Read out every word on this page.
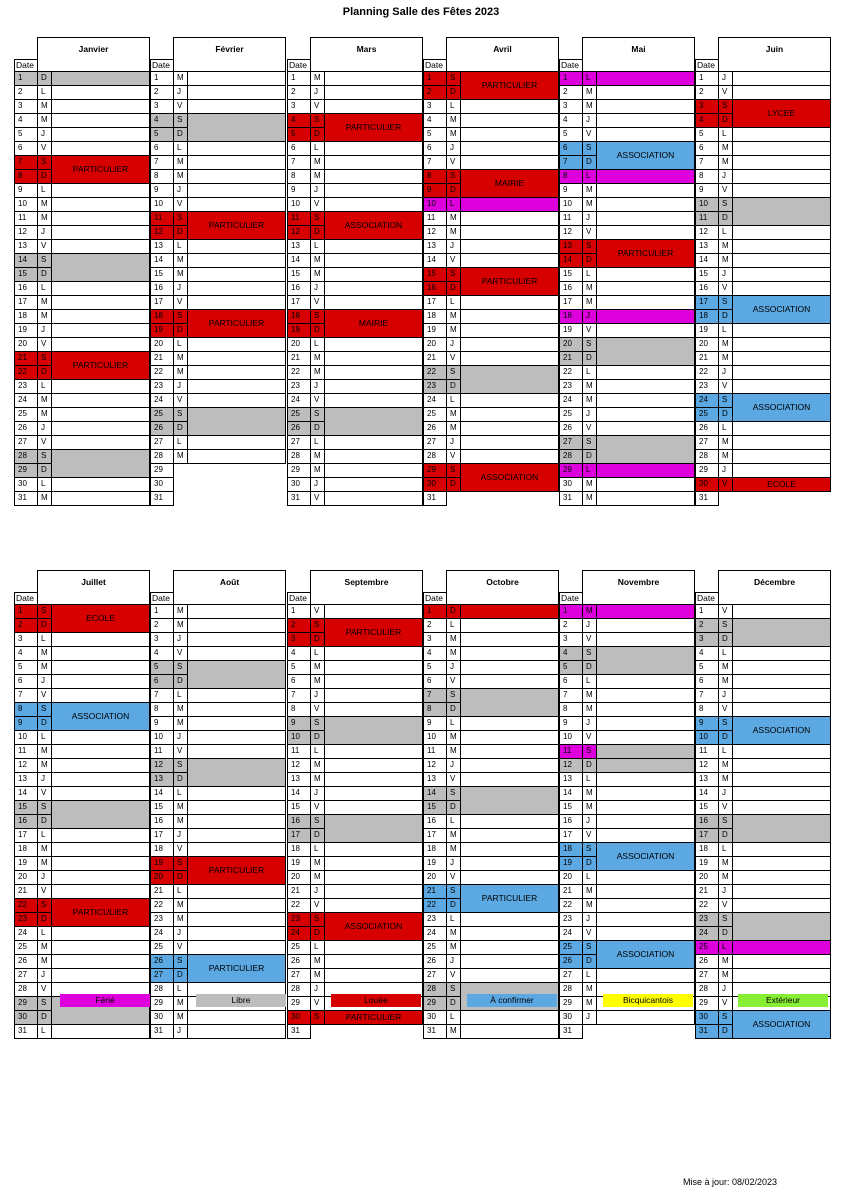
Planning Salle des Fêtes 2023
	Janvier	
Date		
1	D	
2	L	
3	M	
4	M	
5	J	
6	V	
7	S	PARTICULIER
8	D	
9	L	
10	M	
11	M	
12	J	
13	V	
14	S	
15	D	
16	L	
17	M	
18	M	
19	J	
20	V	
21	S	PARTICULIER
22	D	
23	L	
24	M	
25	M	
26	J	
27	V	
28	S	
29	D	
30	L	
31	M	
	Février	
Date		
1	M	
2	J	
3	V	
4	S	
5	D	
6	L	
7	M	
8	M	
9	J	
10	V	
11	S	PARTICULIER
12	D	
13	L	
14	M	
15	M	
16	J	
17	V	
18	S	PARTICULIER
19	D	
20	L	
21	M	
22	M	
23	J	
24	V	
25	S	
26	D	
27	L	
28	M	
29		
30		
31		
	Mars	
Date		
1	M	
2	J	
3	V	
4	S	PARTICULIER
5	D	
6	L	
7	M	
8	M	
9	J	
10	V	
11	S	ASSOCIATION
12	D	
13	L	
14	M	
15	M	
16	J	
17	V	
18	S	MAIRIE
19	D	
20	L	
21	M	
22	M	
23	J	
24	V	
25	S	
26	D	
27	L	
28	M	
29	M	
30	J	
31	V	
	Avril	
Date		
1	S	PARTICULIER
2	D	
3	L	
4	M	
5	M	
6	J	
7	V	
8	S	MAIRIE
9	D	
10	L	
11	M	
12	M	
13	J	
14	V	
15	S	PARTICULIER
16	D	
17	L	
18	M	
19	M	
20	J	
21	V	
22	S	
23	D	
24	L	
25	M	
26	M	
27	J	
28	V	
29	S	ASSOCIATION
30	D	
31		
	Mai	
Date		
1	L	
2	M	
3	M	
4	J	
5	V	
6	S	ASSOCIATION
7	D	
8	L	
9	M	
10	M	
11	J	
12	V	
13	S	PARTICULIER
14	D	
15	L	
16	M	
17	M	
18	J	
19	V	
20	S	
21	D	
22	L	
23	M	
24	M	
25	J	
26	V	
27	S	
28	D	
29	L	
30	M	
31	M	
	Juin	
Date		
1	J	
2	V	
3	S	LYCEE
4	D	
5	L	
6	M	
7	M	
8	J	
9	V	
10	S	
11	D	
12	L	
13	M	
14	M	
15	J	
16	V	
17	S	ASSOCIATION
18	D	
19	L	
20	M	
21	M	
22	J	
23	V	
24	S	ASSOCIATION
25	D	
26	L	
27	M	
28	M	
29	J	
30	V	ECOLE
31		
	Juillet	
Date		
1	S	ECOLE
2	D	
3	L	
4	M	
5	M	
6	J	
7	V	
8	S	ASSOCIATION
9	D	
10	L	
11	M	
12	M	
13	J	
14	V	
15	S	
16	D	
17	L	
18	M	
19	M	
20	J	
21	V	
22	S	PARTICULIER
23	D	
24	L	
25	M	
26	M	
27	J	
28	V	
29	S	
30	D	
31	L	
	Août	
Date		
1	M	
2	M	
3	J	
4	V	
5	S	
6	D	
7	L	
8	M	
9	M	
10	J	
11	V	
12	S	
13	D	
14	L	
15	M	
16	M	
17	J	
18	V	
19	S	PARTICULIER
20	D	
21	L	
22	M	
23	M	
24	J	
25	V	
26	S	PARTICULIER
27	D	
28	L	
29	M	
30	M	
31	J	
	Septembre	
Date		
1	V	
2	S	PARTICULIER
3	D	
4	L	
5	M	
6	M	
7	J	
8	V	
9	S	
10	D	
11	L	
12	M	
13	M	
14	J	
15	V	
16	S	
17	D	
18	L	
19	M	
20	M	
21	J	
22	V	
23	S	ASSOCIATION
24	D	
25	L	
26	M	
27	M	
28	J	
29	V	
30	S	PARTICULIER
31		
	Octobre	
Date		
1	D	
2	L	
3	M	
4	M	
5	J	
6	V	
7	S	
8	D	
9	L	
10	M	
11	M	
12	J	
13	V	
14	S	
15	D	
16	L	
17	M	
18	M	
19	J	
20	V	
21	S	PARTICULIER
22	D	
23	L	
24	M	
25	M	
26	J	
27	V	
28	S	
29	D	
30	L	
31	M	
	Novembre	
Date		
1	M	
2	J	
3	V	
4	S	
5	D	
6	L	
7	M	
8	M	
9	J	
10	V	
11	S	
12	D	
13	L	
14	M	
15	M	
16	J	
17	V	
18	S	ASSOCIATION
19	D	
20	L	
21	M	
22	M	
23	J	
24	V	
25	S	ASSOCIATION
26	D	
27	L	
28	M	
29	M	
30	J	
31		
	Décembre	
Date		
1	V	
2	S	
3	D	
4	L	
5	M	
6	M	
7	J	
8	V	
9	S	ASSOCIATION
10	D	
11	L	
12	M	
13	M	
14	J	
15	V	
16	S	
17	D	
18	L	
19	M	
20	M	
21	J	
22	V	
23	S	
24	D	
25	L	
26	M	
27	M	
28	J	
29	V	
30	S	ASSOCIATION
31	D	
Férié	Libre	Louée	À confirmer	Bicquicantois	Extérieur
Mise à jour: 08/02/2023
